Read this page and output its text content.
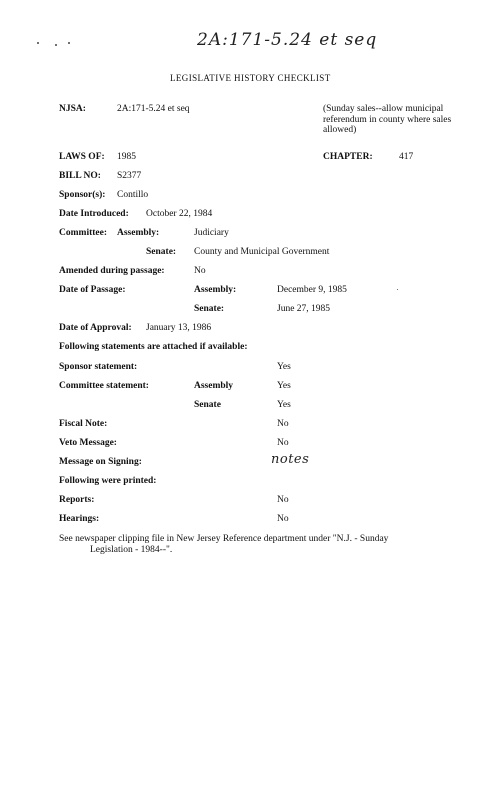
2A:171-5.24 et seq
LEGISLATIVE HISTORY CHECKLIST
NJSA:	2A:171-5.24 et seq	(Sunday sales--allow municipal referendum in county where sales allowed)
LAWS OF: 1985	CHAPTER:	417
BILL NO: S2377
Sponsor(s): Contillo
Date Introduced: October 22, 1984
Committee: Assembly:	Judiciary
Senate: County and Municipal Government
Amended during passage:	No
Date of Passage:	Assembly:	December 9, 1985
Senate:	June 27, 1985
Date of Approval: January 13, 1986
Following statements are attached if available:
Sponsor statement:	Yes
Committee statement:	Assembly	Yes
Senate	Yes
Fiscal Note:	No
Veto Message:	No
Message on Signing:	notes
Following were printed:
Reports:	No
Hearings:	No
See newspaper clipping file in New Jersey Reference department under "N.J. - Sunday
Legislation - 1984--".
